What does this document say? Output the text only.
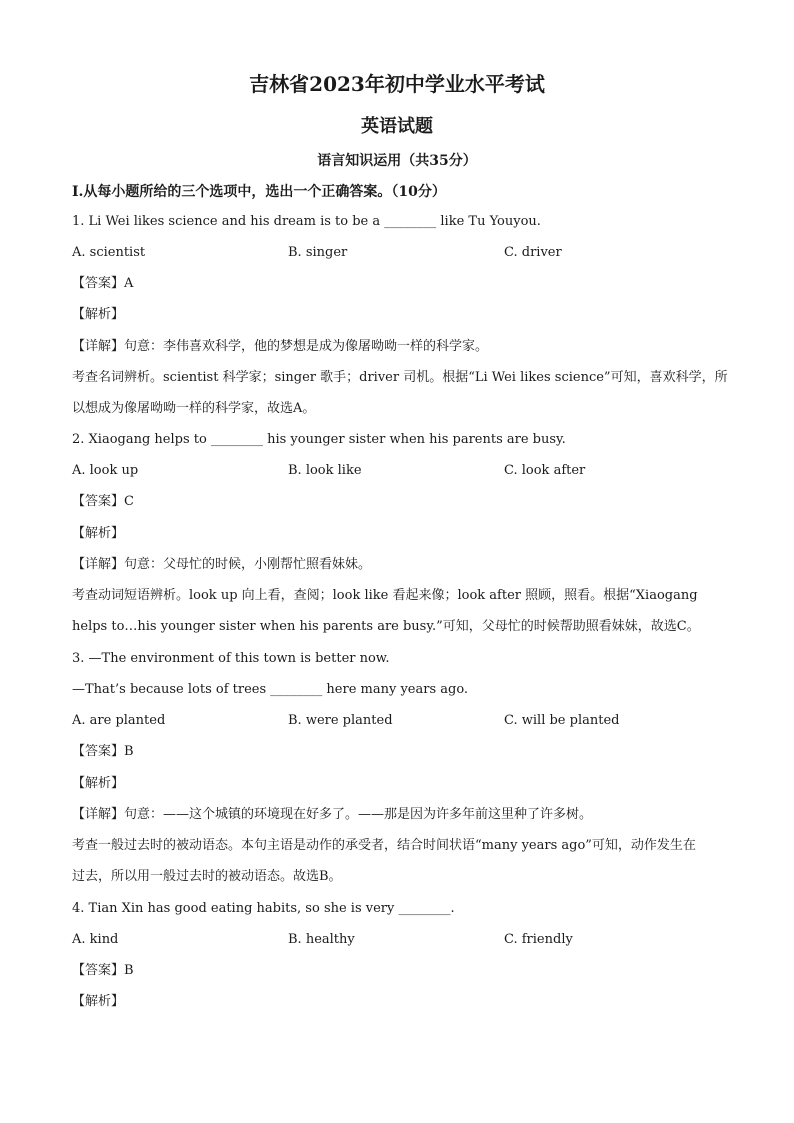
吉林省2023年初中学业水平考试
英语试题
语言知识运用（共35分）
I.从每小题所给的三个选项中，选出一个正确答案。（10分）
1. Li Wei likes science and his dream is to be a ________ like Tu Youyou.
A. scientist	B. singer	C. driver
【答案】A
【解析】
【详解】句意：李伟喜欢科学，他的梦想是成为像屠呦呦一样的科学家。
考查名词辨析。scientist 科学家；singer 歌手；driver 司机。根据“Li Wei likes science”可知，喜欢科学，所
以想成为像屠呦呦一样的科学家，故选A。
2. Xiaogang helps to ________ his younger sister when his parents are busy.
A. look up	B. look like	C. look after
【答案】C
【解析】
【详解】句意：父母忙的时候，小刚帮忙照看妹妹。
考查动词短语辨析。look up 向上看，查阅；look like 看起来像；look after 照顾，照看。根据“Xiaogang
helps to…his younger sister when his parents are busy.”可知，父母忙的时候帮助照看妹妹，故选C。
3. —The environment of this town is better now.
—That’s because lots of trees ________ here many years ago.
A. are planted	B. were planted	C. will be planted
【答案】B
【解析】
【详解】句意：——这个城镇的环境现在好多了。——那是因为许多年前这里种了许多树。
考查一般过去时的被动语态。本句主语是动作的承受者，结合时间状语“many years ago”可知，动作发生在
过去，所以用一般过去时的被动语态。故选B。
4. Tian Xin has good eating habits, so she is very ________.
A. kind	B. healthy	C. friendly
【答案】B
【解析】
